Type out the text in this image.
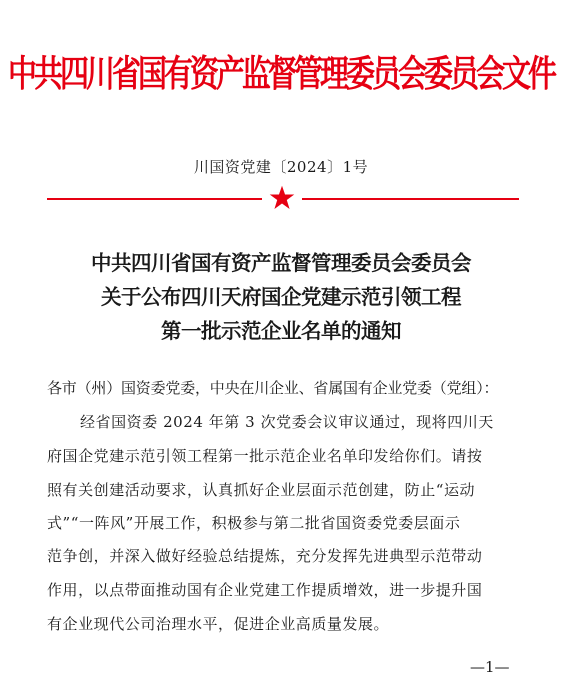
中共四川省国有资产监督管理委员会委员会文件
川国资党建〔2024〕1号
中共四川省国有资产监督管理委员会委员会
关于公布四川天府国企党建示范引领工程
第一批示范企业名单的通知
各市（州）国资委党委，中央在川企业、省属国有企业党委（党组）：
经省国资委 2024 年第 3 次党委会议审议通过，现将四川天
府国企党建示范引领工程第一批示范企业名单印发给你们。请按
照有关创建活动要求，认真抓好企业层面示范创建，防止“运动
式”“一阵风”开展工作，积极参与第二批省国资委党委层面示
范争创，并深入做好经验总结提炼，充分发挥先进典型示范带动
作用，以点带面推动国有企业党建工作提质增效，进一步提升国
有企业现代公司治理水平，促进企业高质量发展。
—1—
